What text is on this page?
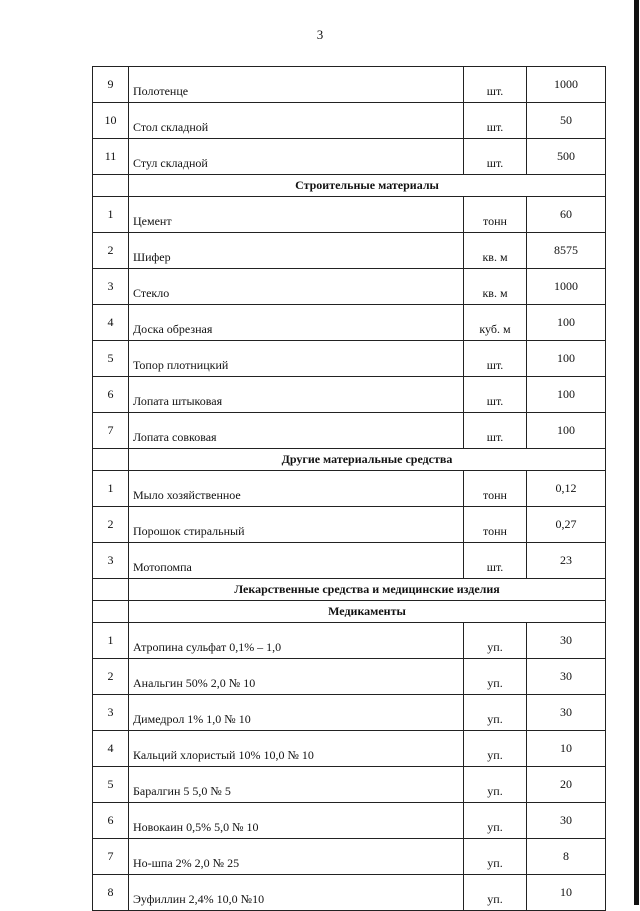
3
9	Полотенце	шт.	1000
10	Стол складной	шт.	50
11	Стул складной	шт.	500
	Строительные материалы		
1	Цемент	тонн	60
2	Шифер	кв. м	8575
3	Стекло	кв. м	1000
4	Доска обрезная	куб. м	100
5	Топор плотницкий	шт.	100
6	Лопата штыковая	шт.	100
7	Лопата совковая	шт.	100
	Другие материальные средства		
1	Мыло хозяйственное	тонн	0,12
2	Порошок стиральный	тонн	0,27
3	Мотопомпа	шт.	23
	Лекарственные средства и медицинские изделия		
	Медикаменты		
1	Атропина сульфат 0,1% – 1,0	уп.	30
2	Анальгин 50% 2,0 № 10	уп.	30
3	Димедрол 1% 1,0 № 10	уп.	30
4	Кальций хлористый 10% 10,0 № 10	уп.	10
5	Баралгин 5 5,0 № 5	уп.	20
6	Новокаин 0,5% 5,0 № 10	уп.	30
7	Но-шпа 2% 2,0 № 25	уп.	8
8	Эуфиллин 2,4% 10,0 №10	уп.	10
